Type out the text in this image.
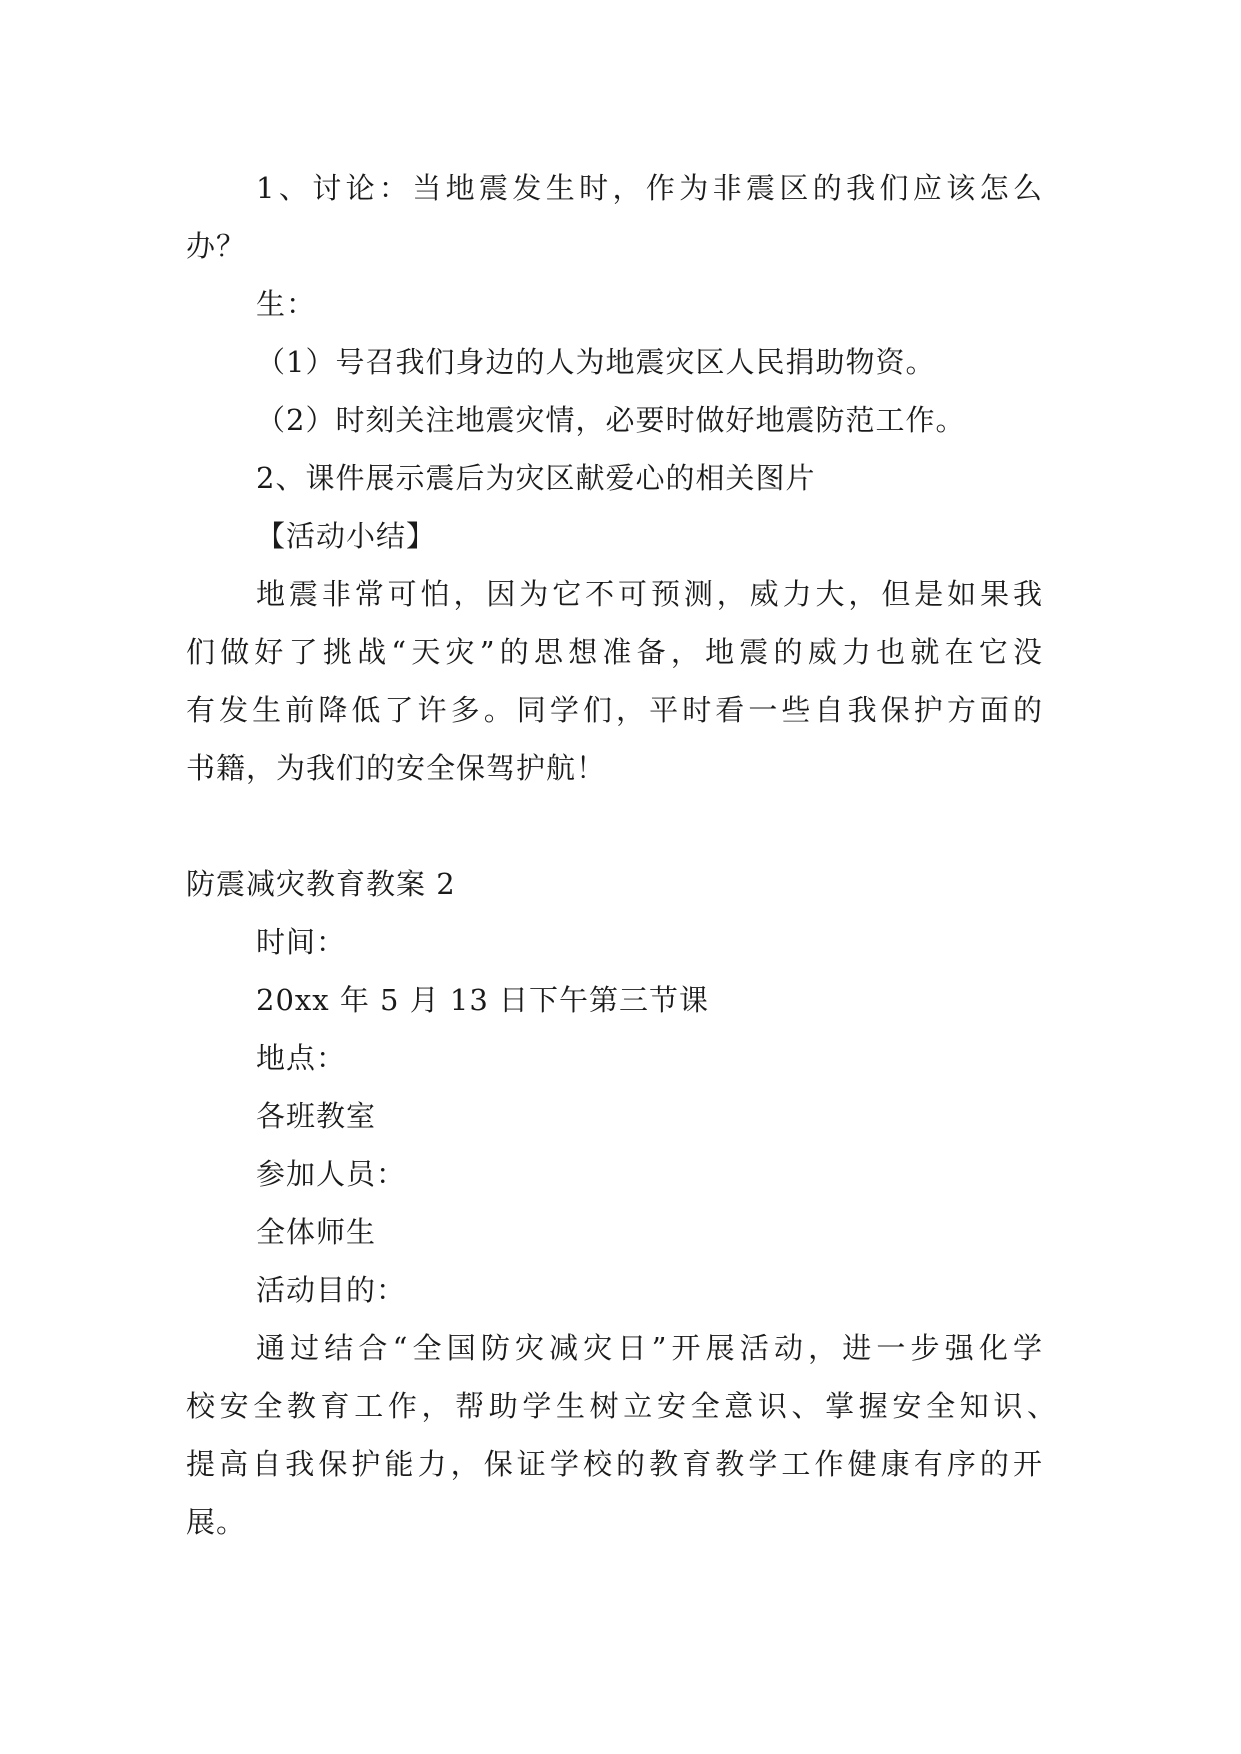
1、讨论：当地震发生时，作为非震区的我们应该怎么

办？

生：

（1）号召我们身边的人为地震灾区人民捐助物资。

（2）时刻关注地震灾情，必要时做好地震防范工作。

2、课件展示震后为灾区献爱心的相关图片

【活动小结】

地震非常可怕，因为它不可预测，威力大，但是如果我

们做好了挑战“天灾”的思想准备，地震的威力也就在它没

有发生前降低了许多。同学们，平时看一些自我保护方面的

书籍，为我们的安全保驾护航！

防震减灾教育教案 2

时间：

20xx 年 5 月 13 日下午第三节课

地点：

各班教室

参加人员：

全体师生

活动目的：

通过结合“全国防灾减灾日”开展活动，进一步强化学

校安全教育工作，帮助学生树立安全意识、掌握安全知识、

提高自我保护能力，保证学校的教育教学工作健康有序的开

展。
